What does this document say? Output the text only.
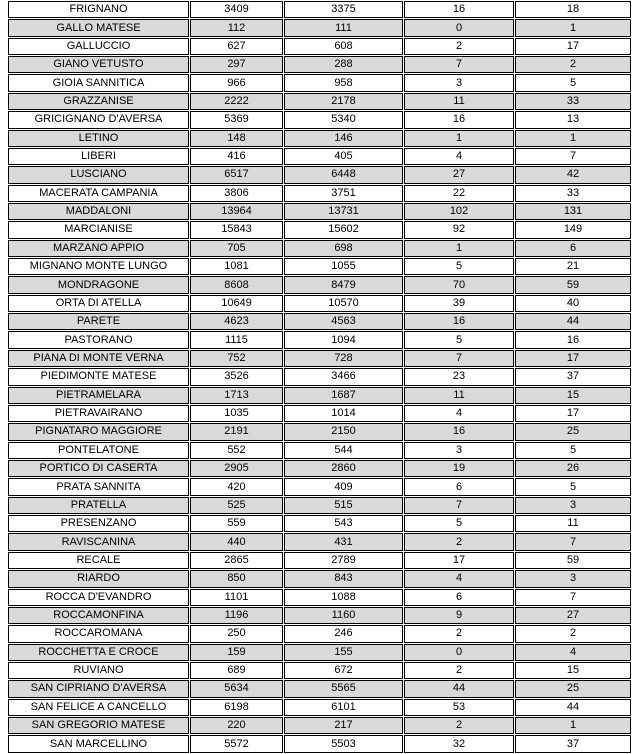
FRIGNANO	3409	3375	16	18
GALLO MATESE	112	111	0	1
GALLUCCIO	627	608	2	17
GIANO VETUSTO	297	288	7	2
GIOIA SANNITICA	966	958	3	5
GRAZZANISE	2222	2178	11	33
GRICIGNANO D'AVERSA	5369	5340	16	13
LETINO	148	146	1	1
LIBERI	416	405	4	7
LUSCIANO	6517	6448	27	42
MACERATA CAMPANIA	3806	3751	22	33
MADDALONI	13964	13731	102	131
MARCIANISE	15843	15602	92	149
MARZANO APPIO	705	698	1	6
MIGNANO MONTE LUNGO	1081	1055	5	21
MONDRAGONE	8608	8479	70	59
ORTA DI ATELLA	10649	10570	39	40
PARETE	4623	4563	16	44
PASTORANO	1115	1094	5	16
PIANA DI MONTE VERNA	752	728	7	17
PIEDIMONTE MATESE	3526	3466	23	37
PIETRAMELARA	1713	1687	11	15
PIETRAVAIRANO	1035	1014	4	17
PIGNATARO MAGGIORE	2191	2150	16	25
PONTELATONE	552	544	3	5
PORTICO DI CASERTA	2905	2860	19	26
PRATA SANNITA	420	409	6	5
PRATELLA	525	515	7	3
PRESENZANO	559	543	5	11
RAVISCANINA	440	431	2	7
RECALE	2865	2789	17	59
RIARDO	850	843	4	3
ROCCA D'EVANDRO	1101	1088	6	7
ROCCAMONFINA	1196	1160	9	27
ROCCAROMANA	250	246	2	2
ROCCHETTA E CROCE	159	155	0	4
RUVIANO	689	672	2	15
SAN CIPRIANO D'AVERSA	5634	5565	44	25
SAN FELICE A CANCELLO	6198	6101	53	44
SAN GREGORIO MATESE	220	217	2	1
SAN MARCELLINO	5572	5503	32	37
